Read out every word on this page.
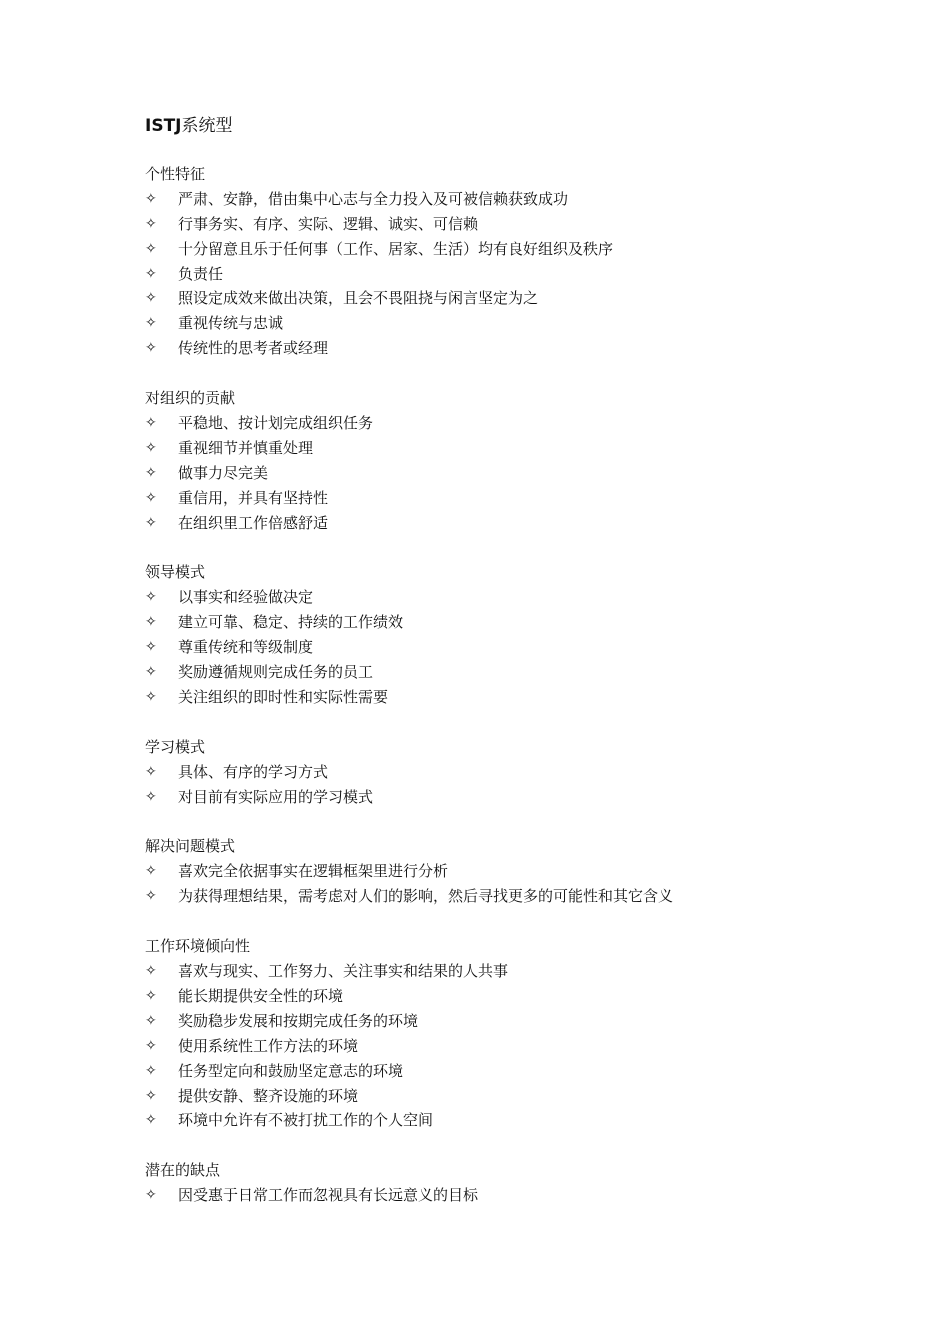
ISTJ系统型
个性特征
✧	严肃、安静，借由集中心志与全力投入及可被信赖获致成功
✧	行事务实、有序、实际、逻辑、诚实、可信赖
✧	十分留意且乐于任何事（工作、居家、生活）均有良好组织及秩序
✧	负责任
✧	照设定成效来做出决策，且会不畏阻挠与闲言坚定为之
✧	重视传统与忠诚
✧	传统性的思考者或经理
对组织的贡献
✧	平稳地、按计划完成组织任务
✧	重视细节并慎重处理
✧	做事力尽完美
✧	重信用，并具有坚持性
✧	在组织里工作倍感舒适
领导模式
✧	以事实和经验做决定
✧	建立可靠、稳定、持续的工作绩效
✧	尊重传统和等级制度
✧	奖励遵循规则完成任务的员工
✧	关注组织的即时性和实际性需要
学习模式
✧	具体、有序的学习方式
✧	对目前有实际应用的学习模式
解决问题模式
✧	喜欢完全依据事实在逻辑框架里进行分析
✧	为获得理想结果，需考虑对人们的影响，然后寻找更多的可能性和其它含义
工作环境倾向性
✧	喜欢与现实、工作努力、关注事实和结果的人共事
✧	能长期提供安全性的环境
✧	奖励稳步发展和按期完成任务的环境
✧	使用系统性工作方法的环境
✧	任务型定向和鼓励坚定意志的环境
✧	提供安静、整齐设施的环境
✧	环境中允许有不被打扰工作的个人空间
潜在的缺点
✧	因受惠于日常工作而忽视具有长远意义的目标
